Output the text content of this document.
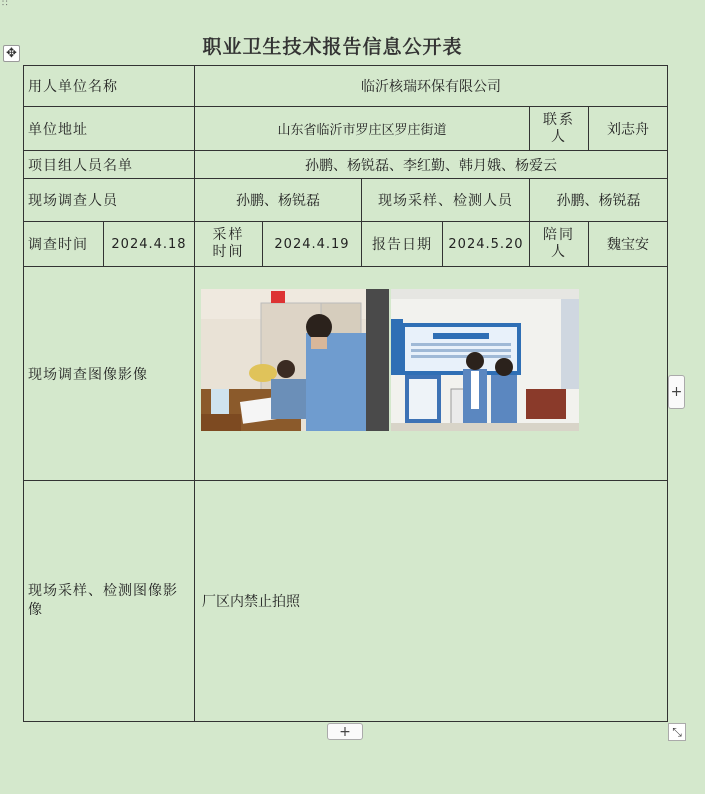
∷
✥	职业卫生技术报告信息公开表
用人单位名称		临沂核瑞环保有限公司					
单位地址		山东省临沂市罗庄区罗庄街道				联系人	刘志舟
项目组人员名单		孙鹏、杨锐磊、李红勤、韩月娥、杨爱云					
现场调查人员		孙鹏、杨锐磊		现场采样、检测人员		孙鹏、杨锐磊	
调查时间	2024.4.18	采样时间	2024.4.19	报告日期	2024.5.20	陪同人	魏宝安
现场调查图像影像	

现场采样、检测图像影像		厂区内禁止拍照					
+
+	⤡
